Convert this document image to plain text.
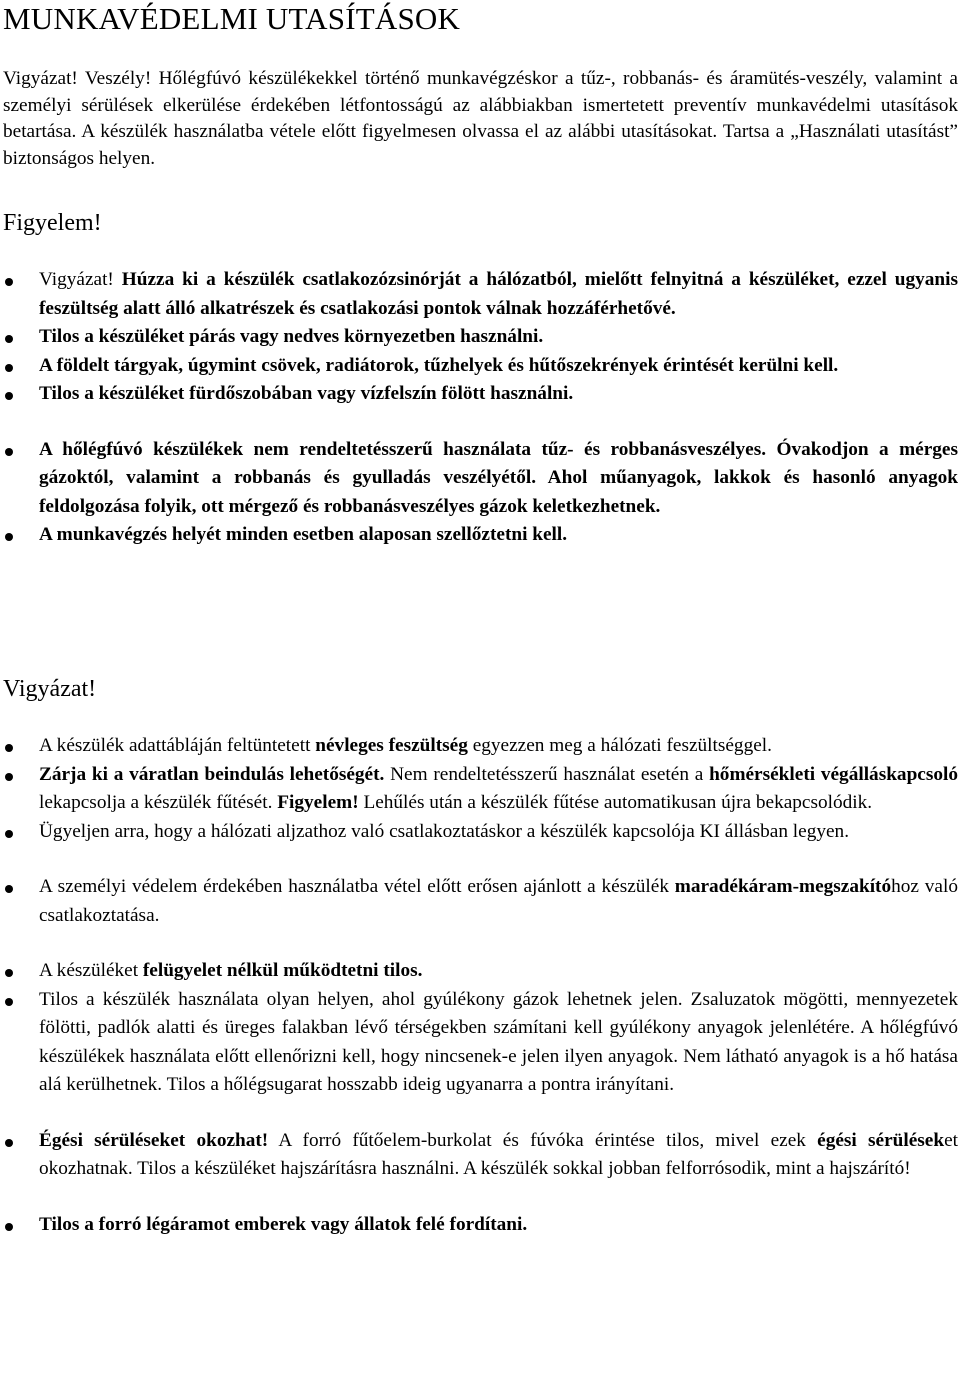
MUNKAVÉDELMI UTASÍTÁSOK

Vigyázat! Veszély! Hőlégfúvó készülékekkel történő munkavégzéskor a tűz-, robbanás- és áramütés-veszély, valamint a személyi sérülések elkerülése érdekében létfontosságú az alábbiakban ismertetett preventív munkavédelmi utasítások betartása. A készülék használatba vétele előtt figyelmesen olvassa el az alábbi utasításokat. Tartsa a „Használati utasítást” biztonságos helyen.

Figyelem!
Vigyázat! Húzza ki a készülék csatlakozózsinórját a hálózatból, mielőtt felnyitná a készüléket, ezzel ugyanis feszültség alatt álló alkatrészek és csatlakozási pontok válnak hozzáférhetővé.
Tilos a készüléket párás vagy nedves környezetben használni.
A földelt tárgyak, úgymint csövek, radiátorok, tűzhelyek és hűtőszekrények érintését kerülni kell.
Tilos a készüléket fürdőszobában vagy vízfelszín fölött használni.
A hőlégfúvó készülékek nem rendeltetésszerű használata tűz- és robbanásveszélyes. Óvakodjon a mérges gázoktól, valamint a robbanás és gyulladás veszélyétől. Ahol műanyagok, lakkok és hasonló anyagok feldolgozása folyik, ott mérgező és robbanásveszélyes gázok keletkezhetnek.
A munkavégzés helyét minden esetben alaposan szellőztetni kell.
Vigyázat!
A készülék adattábláján feltüntetett névleges feszültség egyezzen meg a hálózati feszültséggel.
Zárja ki a váratlan beindulás lehetőségét. Nem rendeltetésszerű használat esetén a hőmérsékleti végálláskapcsoló lekapcsolja a készülék fűtését. Figyelem! Lehűlés után a készülék fűtése automatikusan újra bekapcsolódik.
Ügyeljen arra, hogy a hálózati aljzathoz való csatlakoztatáskor a készülék kapcsolója KI állásban legyen.
A személyi védelem érdekében használatba vétel előtt erősen ajánlott a készülék maradékáram-megszakítóhoz való csatlakoztatása.
A készüléket felügyelet nélkül működtetni tilos.
Tilos a készülék használata olyan helyen, ahol gyúlékony gázok lehetnek jelen. Zsaluzatok mögötti, mennyezetek fölötti, padlók alatti és üreges falakban lévő térségekben számítani kell gyúlékony anyagok jelenlétére. A hőlégfúvó készülékek használata előtt ellenőrizni kell, hogy nincsenek-e jelen ilyen anyagok. Nem látható anyagok is a hő hatása alá kerülhetnek. Tilos a hőlégsugarat hosszabb ideig ugyanarra a pontra irányítani.
Égési sérüléseket okozhat! A forró fűtőelem-burkolat és fúvóka érintése tilos, mivel ezek égési sérüléseket okozhatnak. Tilos a készüléket hajszárításra használni. A készülék sokkal jobban felforrósodik, mint a hajszárító!
Tilos a forró légáramot emberek vagy állatok felé fordítani.
